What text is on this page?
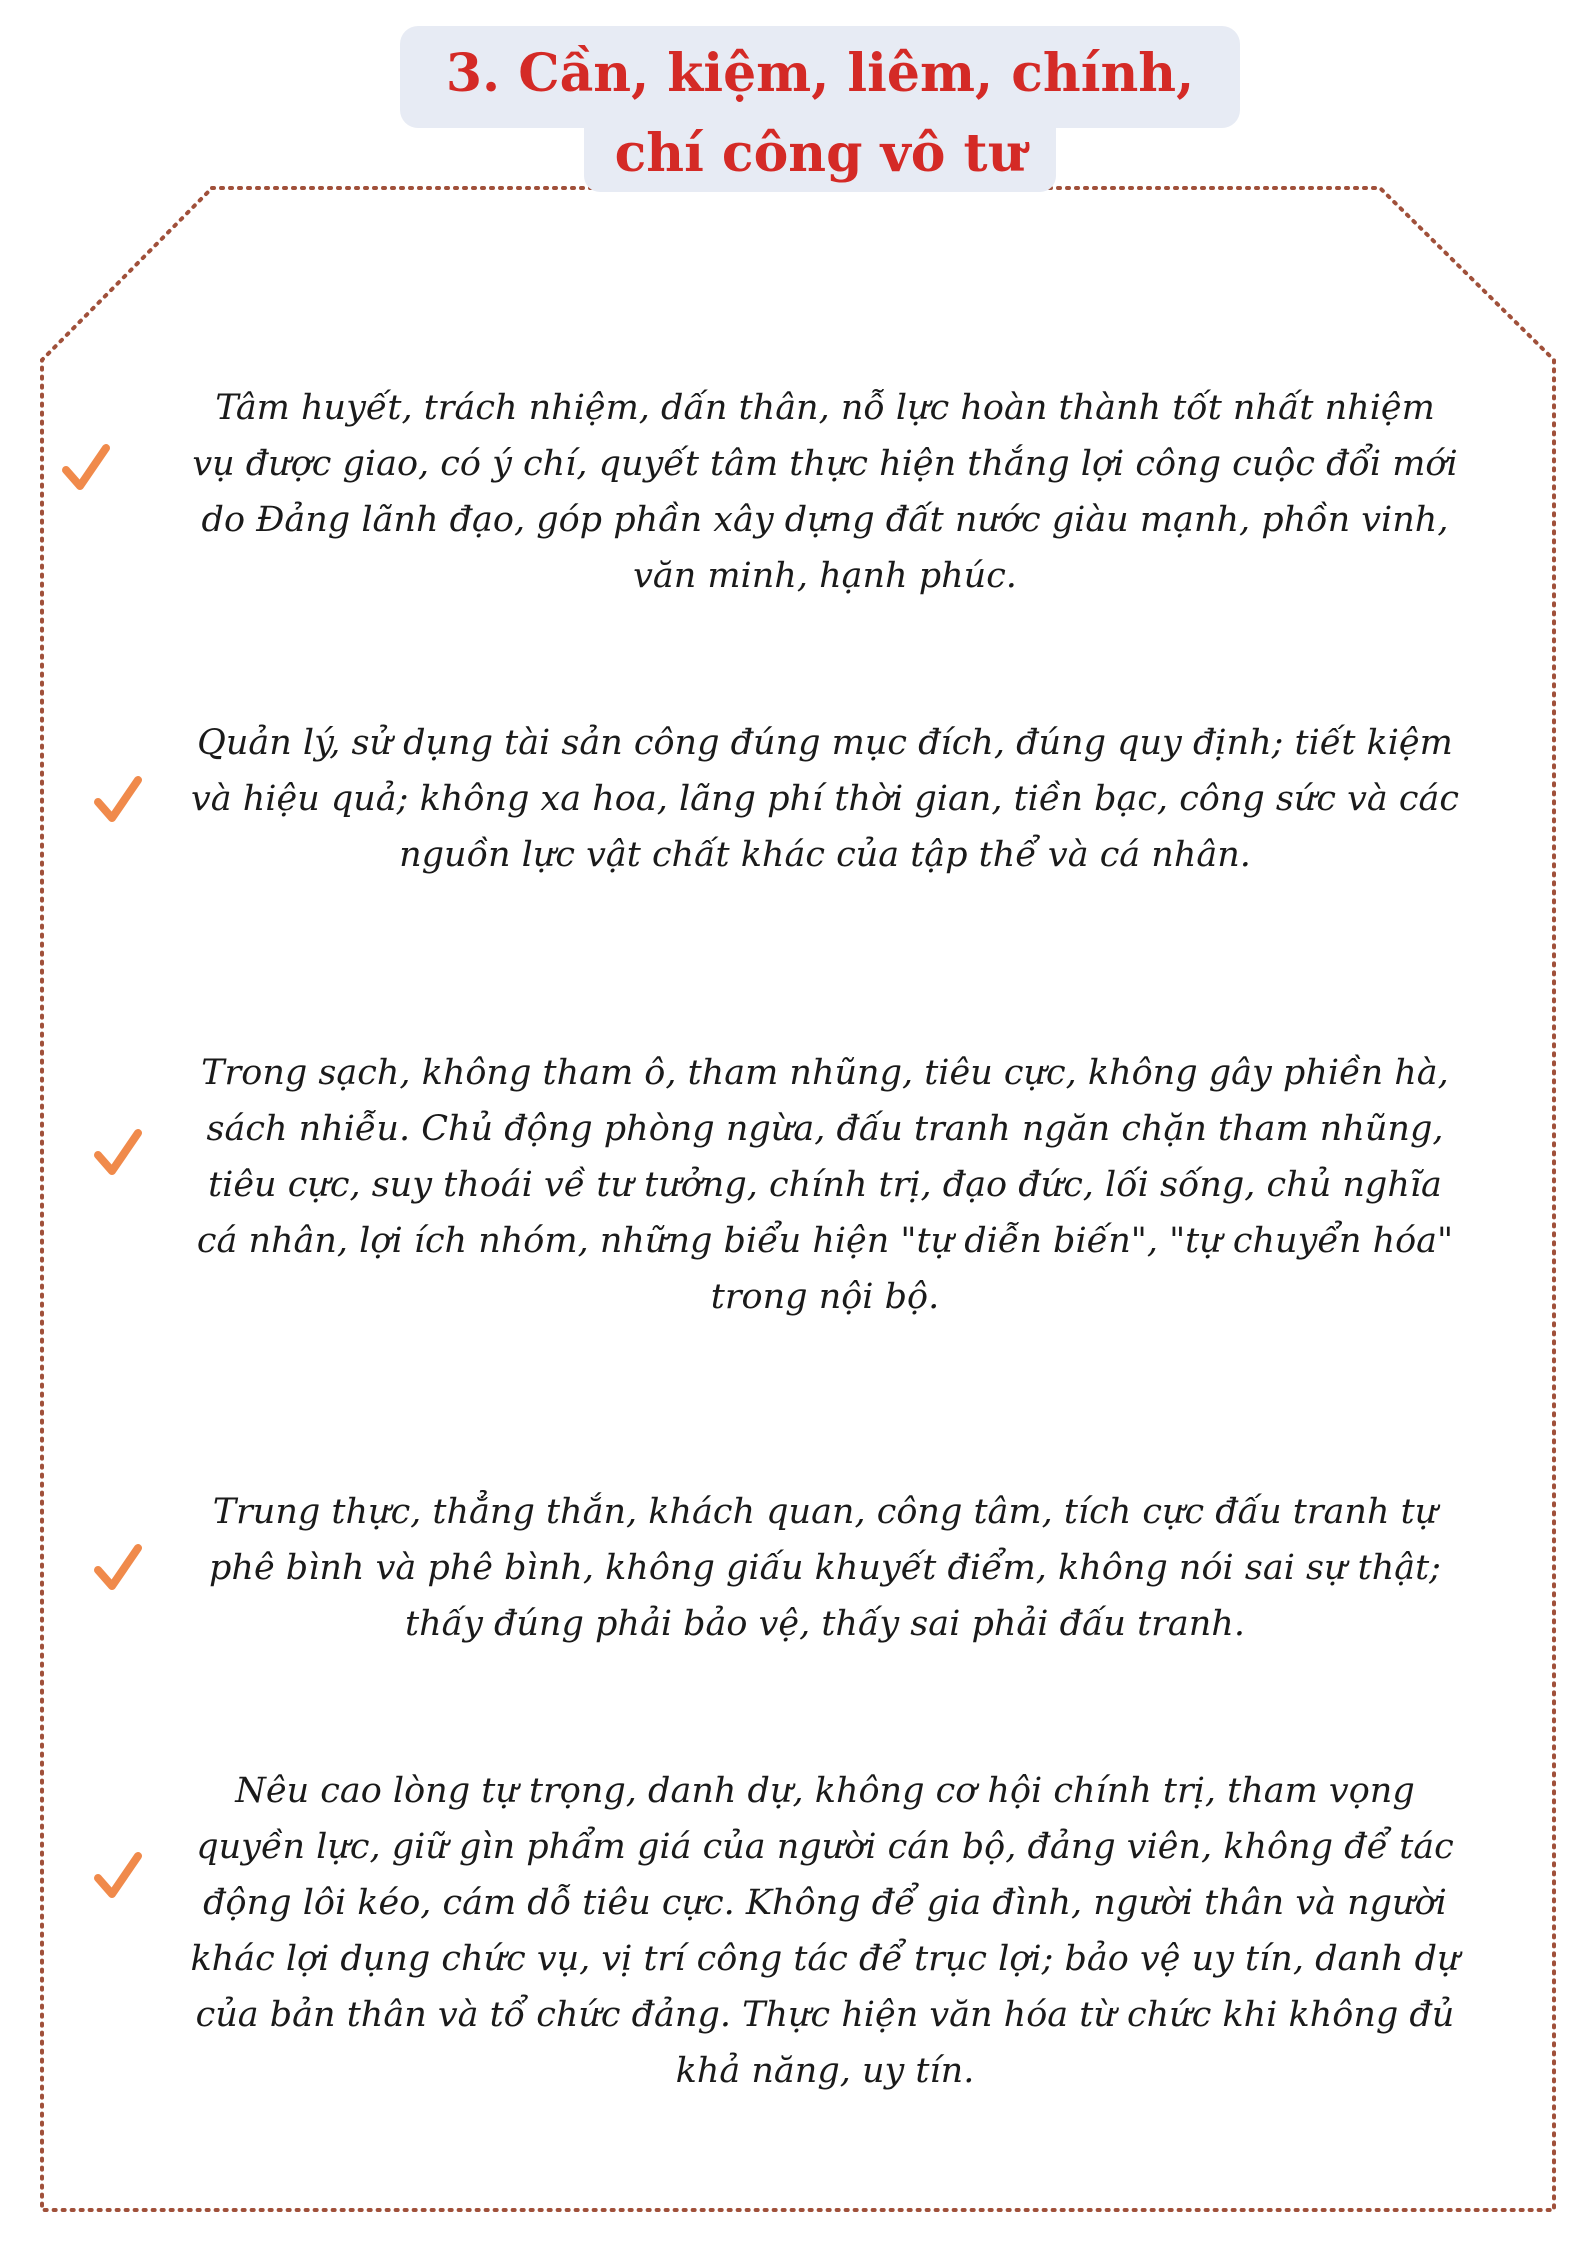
3. Cần, kiệm, liêm, chính,
chí công vô tư

Tâm huyết, trách nhiệm, dấn thân, nỗ lực hoàn thành tốt nhất nhiệm vụ được giao, có ý chí, quyết tâm thực hiện thắng lợi công cuộc đổi mới do Đảng lãnh đạo, góp phần xây dựng đất nước giàu mạnh, phồn vinh, văn minh, hạnh phúc.

Quản lý, sử dụng tài sản công đúng mục đích, đúng quy định; tiết kiệm và hiệu quả; không xa hoa, lãng phí thời gian, tiền bạc, công sức và các nguồn lực vật chất khác của tập thể và cá nhân.

Trong sạch, không tham ô, tham nhũng, tiêu cực, không gây phiền hà, sách nhiễu. Chủ động phòng ngừa, đấu tranh ngăn chặn tham nhũng, tiêu cực, suy thoái về tư tưởng, chính trị, đạo đức, lối sống, chủ nghĩa cá nhân, lợi ích nhóm, những biểu hiện "tự diễn biến", "tự chuyển hóa" trong nội bộ.

Trung thực, thẳng thắn, khách quan, công tâm, tích cực đấu tranh tự phê bình và phê bình, không giấu khuyết điểm, không nói sai sự thật; thấy đúng phải bảo vệ, thấy sai phải đấu tranh.

Nêu cao lòng tự trọng, danh dự, không cơ hội chính trị, tham vọng quyền lực, giữ gìn phẩm giá của người cán bộ, đảng viên, không để tác động lôi kéo, cám dỗ tiêu cực. Không để gia đình, người thân và người khác lợi dụng chức vụ, vị trí công tác để trục lợi; bảo vệ uy tín, danh dự của bản thân và tổ chức đảng. Thực hiện văn hóa từ chức khi không đủ khả năng, uy tín.
